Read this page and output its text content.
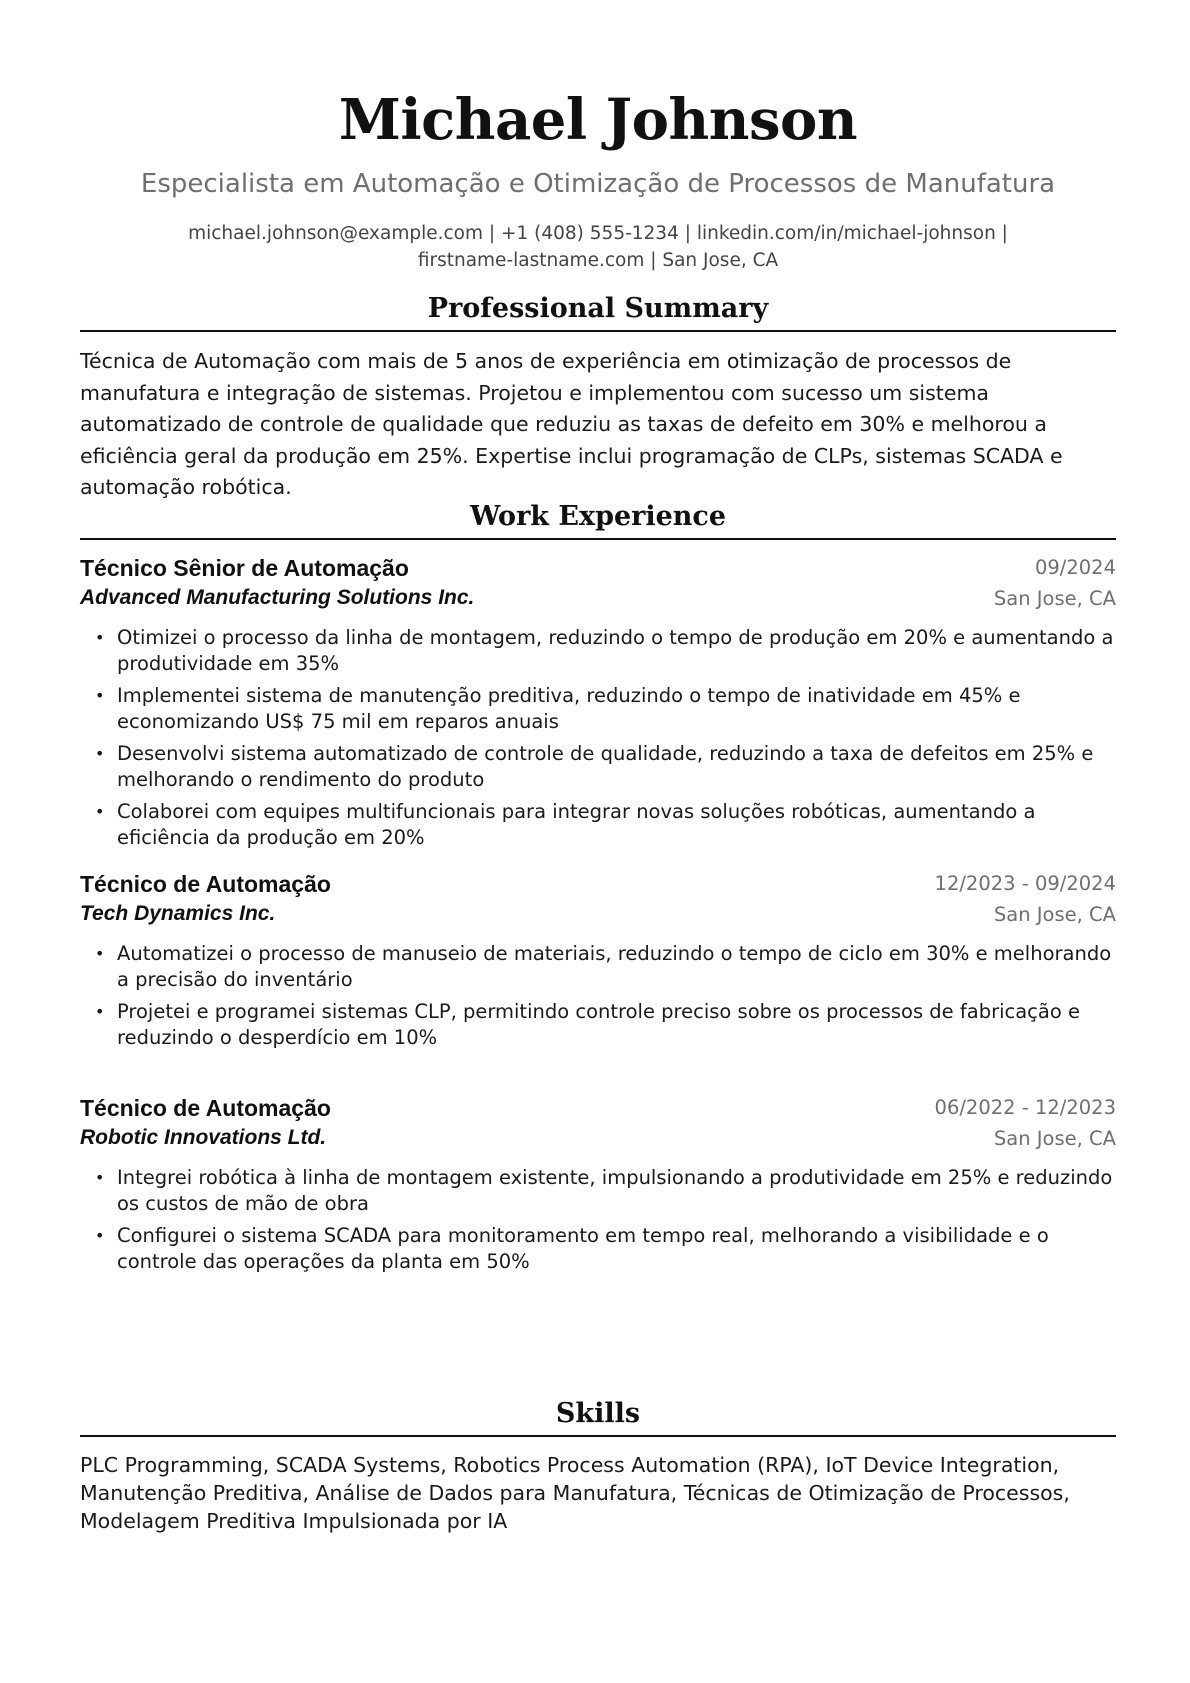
Michael Johnson
Especialista em Automação e Otimização de Processos de Manufatura
michael.johnson@example.com | +1 (408) 555-1234 | linkedin.com/in/michael-johnson |
firstname-lastname.com | San Jose, CA
Professional Summary

Técnica de Automação com mais de 5 anos de experiência em otimização de processos de manufatura e integração de sistemas. Projetou e implementou com sucesso um sistema automatizado de controle de qualidade que reduziu as taxas de defeito em 30% e melhorou a eficiência geral da produção em 25%. Expertise inclui programação de CLPs, sistemas SCADA e automação robótica.

Work Experience
Técnico Sênior de Automação	09/2024
Advanced Manufacturing Solutions Inc.	San Jose, CA
• Otimizei o processo da linha de montagem, reduzindo o tempo de produção em 20% e aumentando a produtividade em 35%
• Implementei sistema de manutenção preditiva, reduzindo o tempo de inatividade em 45% e economizando US$ 75 mil em reparos anuais
• Desenvolvi sistema automatizado de controle de qualidade, reduzindo a taxa de defeitos em 25% e melhorando o rendimento do produto
• Colaborei com equipes multifuncionais para integrar novas soluções robóticas, aumentando a eficiência da produção em 20%
Técnico de Automação	12/2023 - 09/2024
Tech Dynamics Inc.	San Jose, CA
• Automatizei o processo de manuseio de materiais, reduzindo o tempo de ciclo em 30% e melhorando a precisão do inventário
• Projetei e programei sistemas CLP, permitindo controle preciso sobre os processos de fabricação e reduzindo o desperdício em 10%
Técnico de Automação	06/2022 - 12/2023
Robotic Innovations Ltd.	San Jose, CA
• Integrei robótica à linha de montagem existente, impulsionando a produtividade em 25% e reduzindo os custos de mão de obra
• Configurei o sistema SCADA para monitoramento em tempo real, melhorando a visibilidade e o controle das operações da planta em 50%
Skills

PLC Programming, SCADA Systems, Robotics Process Automation (RPA), IoT Device Integration, Manutenção Preditiva, Análise de Dados para Manufatura, Técnicas de Otimização de Processos, Modelagem Preditiva Impulsionada por IA
